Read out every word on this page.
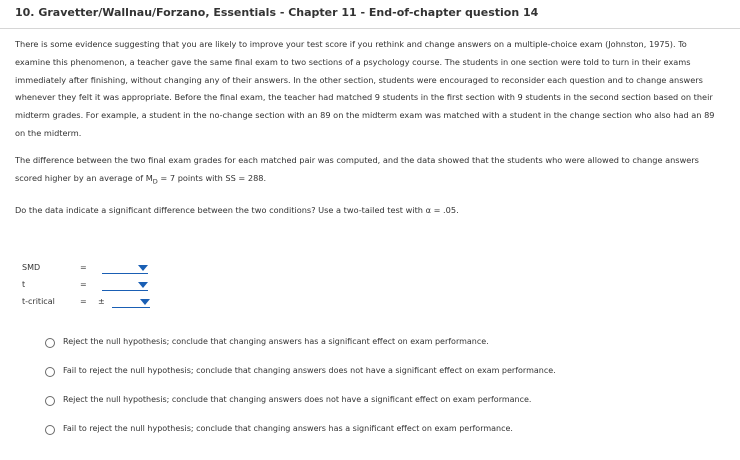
10. Gravetter/Wallnau/Forzano, Essentials - Chapter 11 - End-of-chapter question 14

There is some evidence suggesting that you are likely to improve your test score if you rethink and change answers on a multiple-choice exam (Johnston, 1975). To examine this phenomenon, a teacher gave the same final exam to two sections of a psychology course. The students in one section were told to turn in their exams immediately after finishing, without changing any of their answers. In the other section, students were encouraged to reconsider each question and to change answers whenever they felt it was appropriate. Before the final exam, the teacher had matched 9 students in the first section with 9 students in the second section based on their midterm grades. For example, a student in the no-change section with an 89 on the midterm exam was matched with a student in the change section who also had an 89 on the midterm.

The difference between the two final exam grades for each matched pair was computed, and the data showed that the students who were allowed to change answers scored higher by an average of $M_D = 7$ points with SS = 288.

Do the data indicate a significant difference between the two conditions? Use a two-tailed test with α = .05.

SMD	=
t	=
t-critical	= ±
Reject the null hypothesis; conclude that changing answers has a significant effect on exam performance.
Fail to reject the null hypothesis; conclude that changing answers does not have a significant effect on exam performance.
Reject the null hypothesis; conclude that changing answers does not have a significant effect on exam performance.
Fail to reject the null hypothesis; conclude that changing answers has a significant effect on exam performance.
